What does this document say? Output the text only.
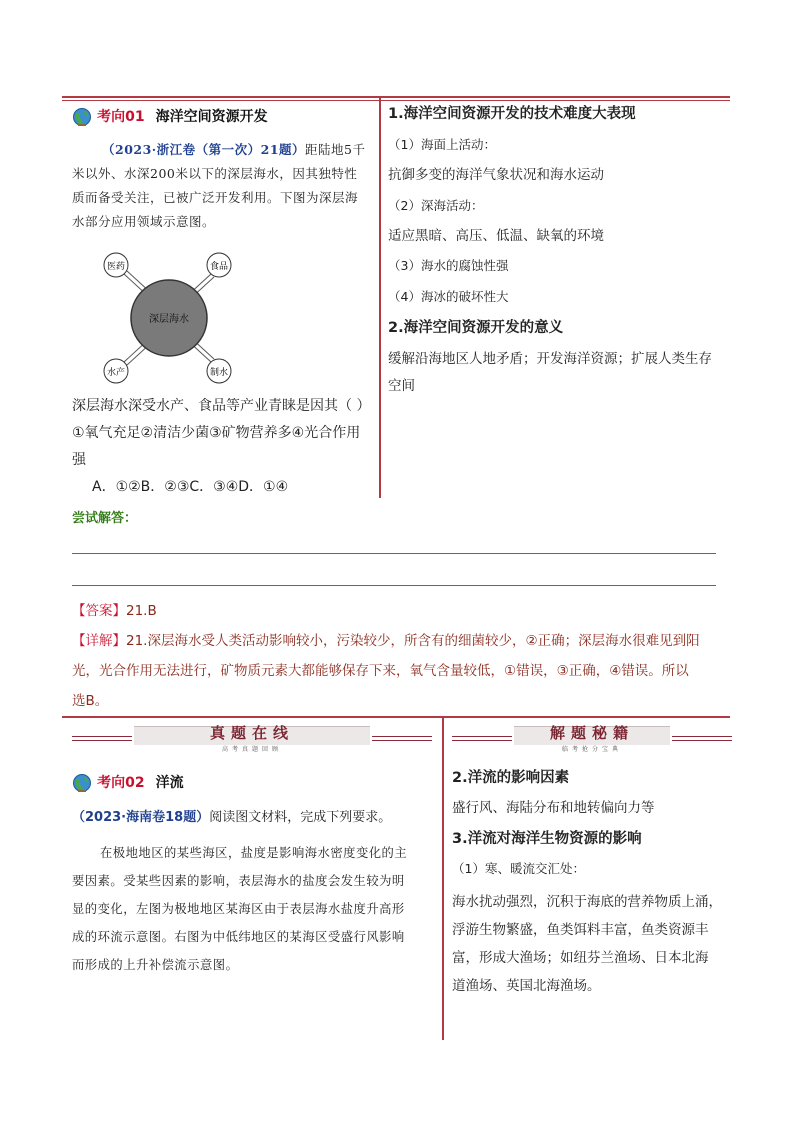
考向01 海洋空间资源开发
（2023·浙江卷（第一次）21题）距陆地5千
米以外、水深200米以下的深层海水，因其独特性
质而备受关注，已被广泛开发利用。下图为深层海
水部分应用领域示意图。
深层海水
医药	食品
水产	制水
深层海水深受水产、食品等产业青睐是因其（ ）
①氧气充足②清洁少菌③矿物营养多④光合作用
强
A．①②B．②③C．③④D．①④
1.海洋空间资源开发的技术难度大表现
（1）海面上活动：
抗御多变的海洋气象状况和海水运动
（2）深海活动：
适应黑暗、高压、低温、缺氧的环境
（3）海水的腐蚀性强
（4）海冰的破坏性大
2.海洋空间资源开发的意义
缓解沿海地区人地矛盾；开发海洋资源；扩展人类生存
空间
尝试解答：
【答案】21.B
【详解】21.深层海水受人类活动影响较小，污染较少，所含有的细菌较少，②正确；深层海水很难见到阳
光，光合作用无法进行，矿物质元素大都能够保存下来，氧气含量较低，①错误，③正确，④错误。所以
选B。
真题在线
高考真题回顾
解题秘籍
临考抢分宝典
考向02 洋流
（2023·海南卷18题）阅读图文材料，完成下列要求。
在极地地区的某些海区，盐度是影响海水密度变化的主
要因素。受某些因素的影响，表层海水的盐度会发生较为明
显的变化，左图为极地地区某海区由于表层海水盐度升高形
成的环流示意图。右图为中低纬地区的某海区受盛行风影响
而形成的上升补偿流示意图。
2.洋流的影响因素
盛行风、海陆分布和地转偏向力等
3.洋流对海洋生物资源的影响
（1）寒、暖流交汇处：
海水扰动强烈，沉积于海底的营养物质上涌，
浮游生物繁盛，鱼类饵料丰富，鱼类资源丰
富，形成大渔场；如纽芬兰渔场、日本北海
道渔场、英国北海渔场。
